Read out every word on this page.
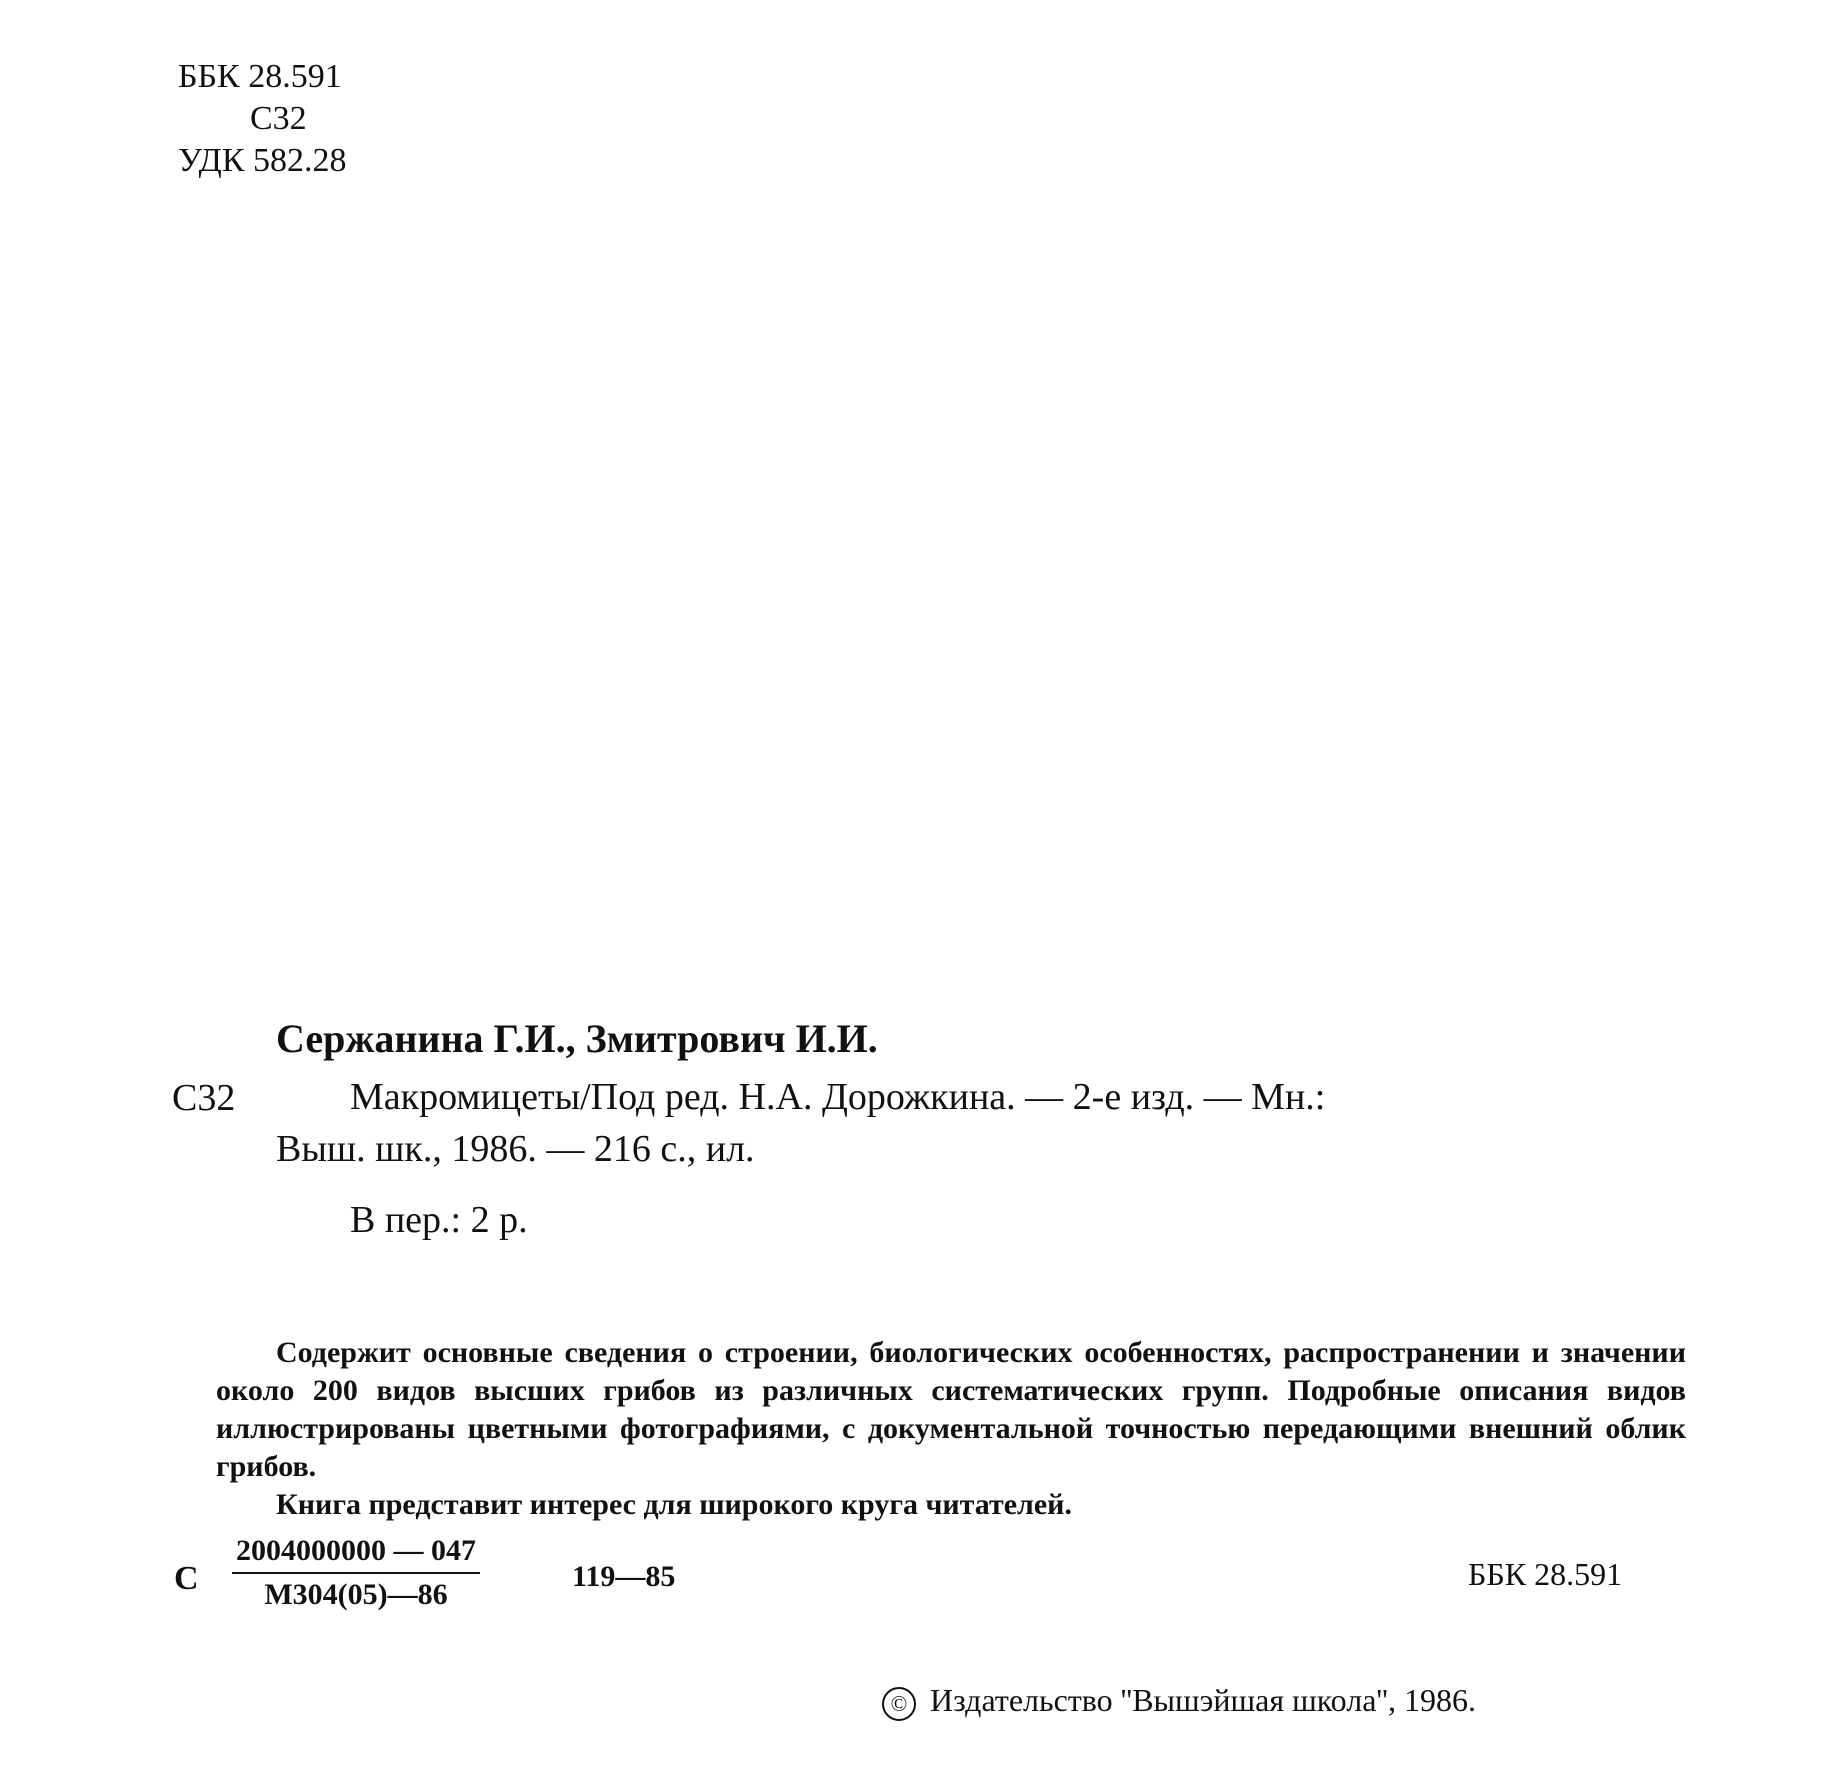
ББК 28.591
С32
УДК 582.28
Сержанина Г.И., Змитрович И.И.
С32	Макромицеты/Под ред. Н.А. Дорожкина. — 2-е изд. — Мн.:
Выш. шк., 1986. — 216 с., ил.
В пер.: 2 р.

Содержит основные сведения о строении, биологических особенностях, распространении и значении около 200 видов высших грибов из различных систематических групп. Подробные описания видов иллюстрированы цветными фотографиями, с документальной точностью передающими внешний облик грибов.

Книга представит интерес для широкого круга читателей.

С $\frac{2004000000 — 047}{М304(05)—86}$	119—85	ББК 28.591
© Издательство ''Вышэйшая школа'', 1986.
